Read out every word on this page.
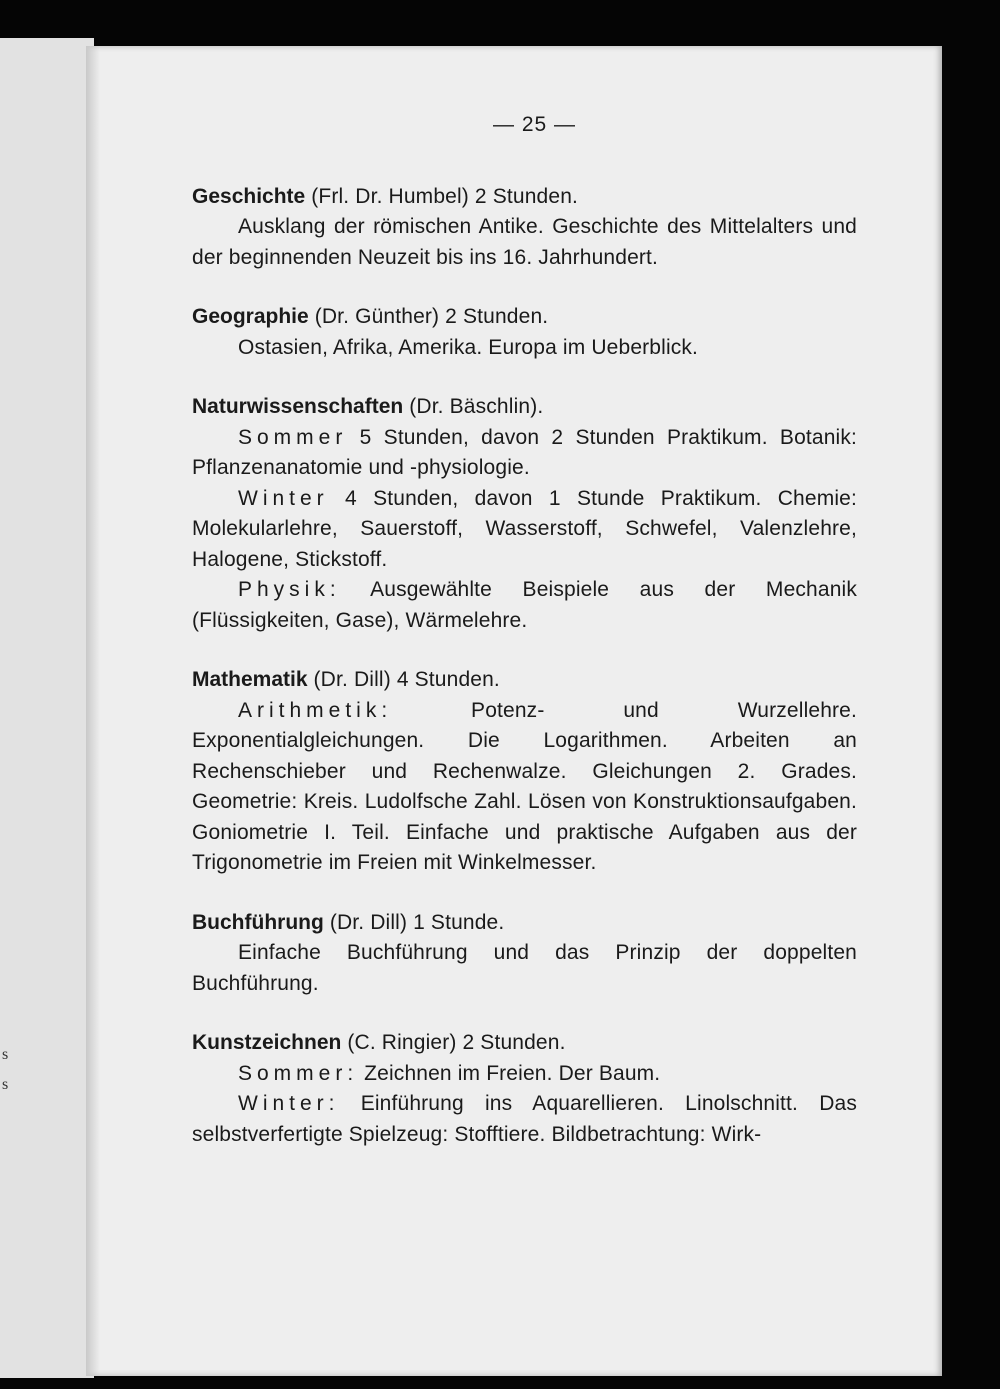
s
s
— 25 —

Geschichte (Frl. Dr. Humbel) 2 Stunden.

Ausklang der römischen Antike. Geschichte des Mittelalters und der beginnenden Neuzeit bis ins 16. Jahrhundert.

Geographie (Dr. Günther) 2 Stunden.

Ostasien, Afrika, Amerika. Europa im Ueberblick.

Naturwissenschaften (Dr. Bäschlin).

Sommer 5 Stunden, davon 2 Stunden Praktikum. Botanik: Pflanzenanatomie und -physiologie.

Winter 4 Stunden, davon 1 Stunde Praktikum. Chemie: Molekularlehre, Sauerstoff, Wasserstoff, Schwefel, Valenzlehre, Halogene, Stickstoff.

Physik: Ausgewählte Beispiele aus der Mechanik (Flüssigkeiten, Gase), Wärmelehre.

Mathematik (Dr. Dill) 4 Stunden.

Arithmetik: Potenz- und Wurzellehre. Exponentialgleichungen. Die Logarithmen. Arbeiten an Rechenschieber und Rechenwalze. Gleichungen 2. Grades. Geometrie: Kreis. Ludolfsche Zahl. Lösen von Konstruktionsaufgaben. Goniometrie I. Teil. Einfache und praktische Aufgaben aus der Trigonometrie im Freien mit Winkelmesser.

Buchführung (Dr. Dill) 1 Stunde.

Einfache Buchführung und das Prinzip der doppelten Buchführung.

Kunstzeichnen (C. Ringier) 2 Stunden.

Sommer: Zeichnen im Freien. Der Baum.

Winter: Einführung ins Aquarellieren. Linolschnitt. Das selbstverfertigte Spielzeug: Stofftiere. Bildbetrachtung: Wirk-
